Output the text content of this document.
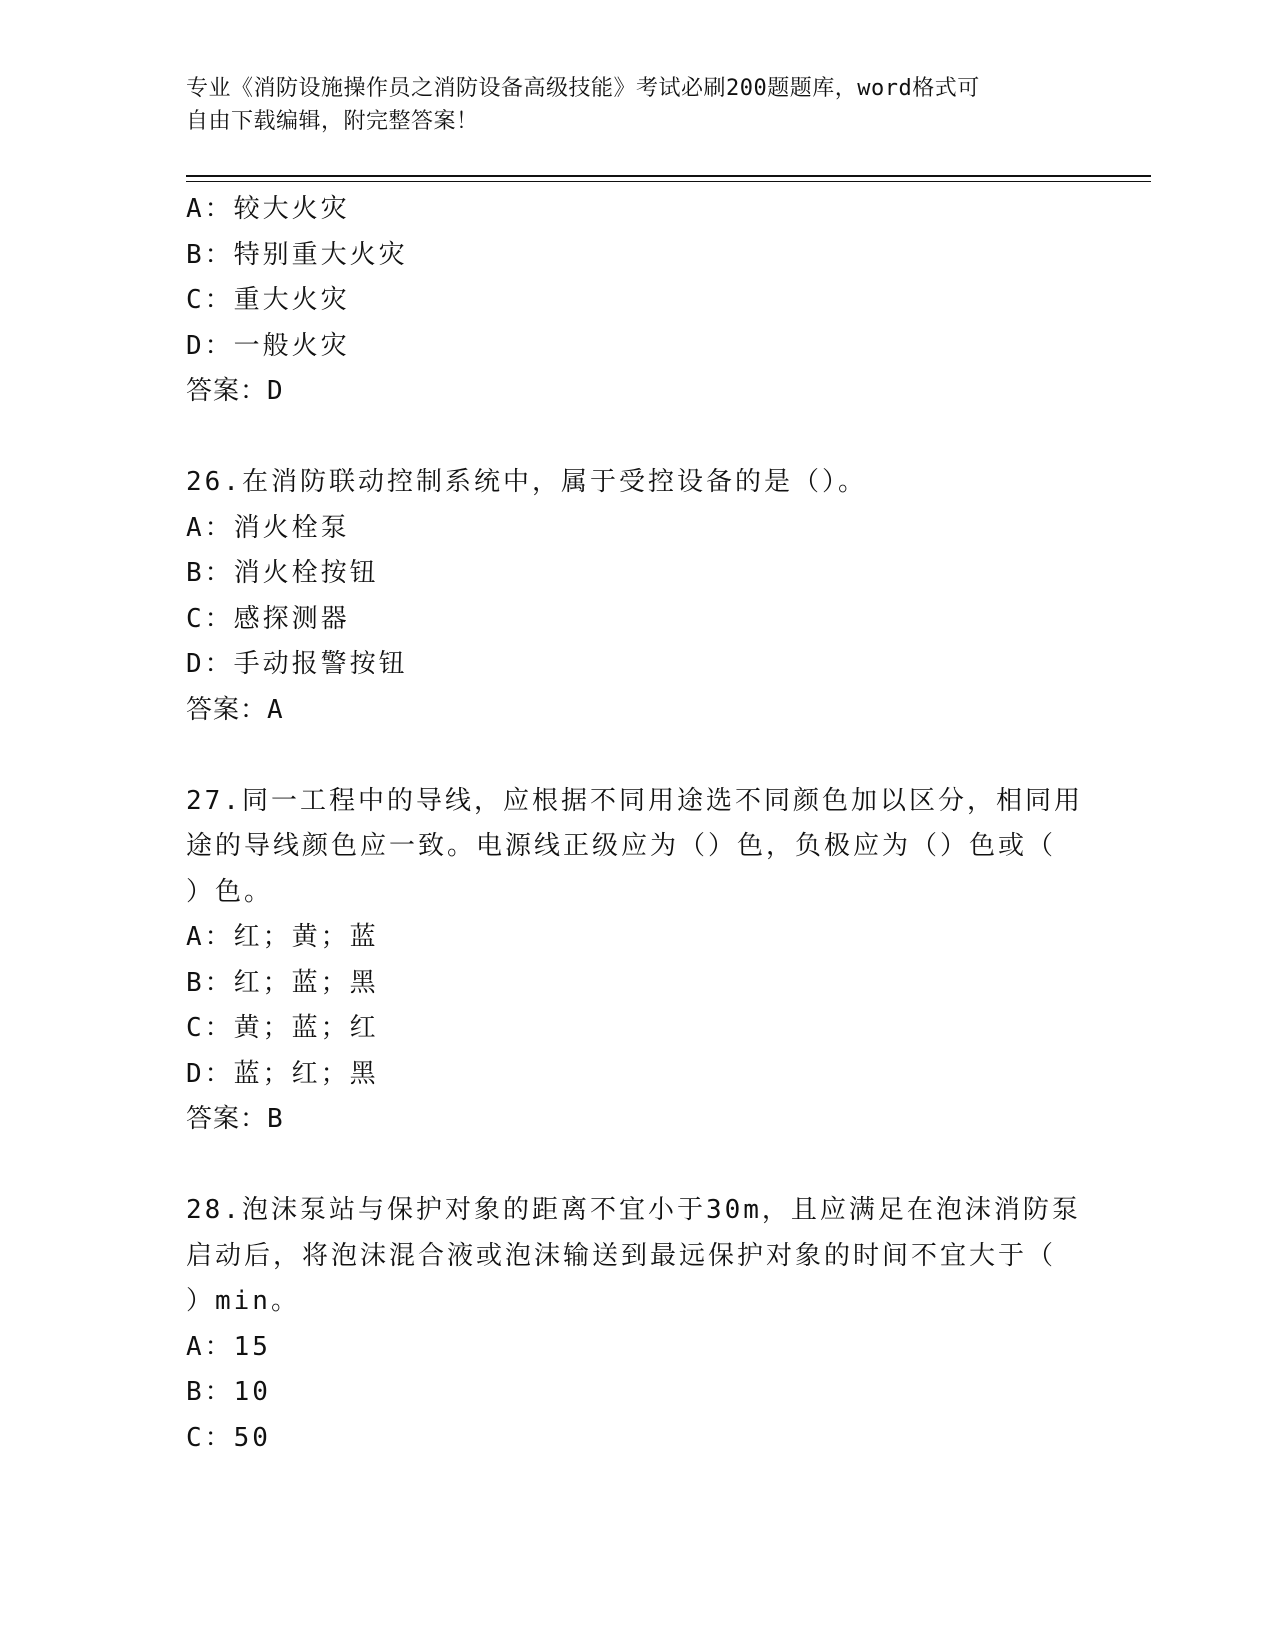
专业《消防设施操作员之消防设备高级技能》考试必刷200题题库，word格式可
自由下载编辑，附完整答案！
A：较大火灾
B：特别重大火灾
C：重大火灾
D：一般火灾
答案：D
26.在消防联动控制系统中，属于受控设备的是（）。
A：消火栓泵
B：消火栓按钮
C：感探测器
D：手动报警按钮
答案：A
27.同一工程中的导线，应根据不同用途选不同颜色加以区分，相同用
途的导线颜色应一致。电源线正级应为（）色，负极应为（）色或（
）色。
A：红；黄；蓝
B：红；蓝；黑
C：黄；蓝；红
D：蓝；红；黑
答案：B
28.泡沫泵站与保护对象的距离不宜小于30m，且应满足在泡沫消防泵
启动后，将泡沫混合液或泡沫输送到最远保护对象的时间不宜大于（
）min。
A：15
B：10
C：50
